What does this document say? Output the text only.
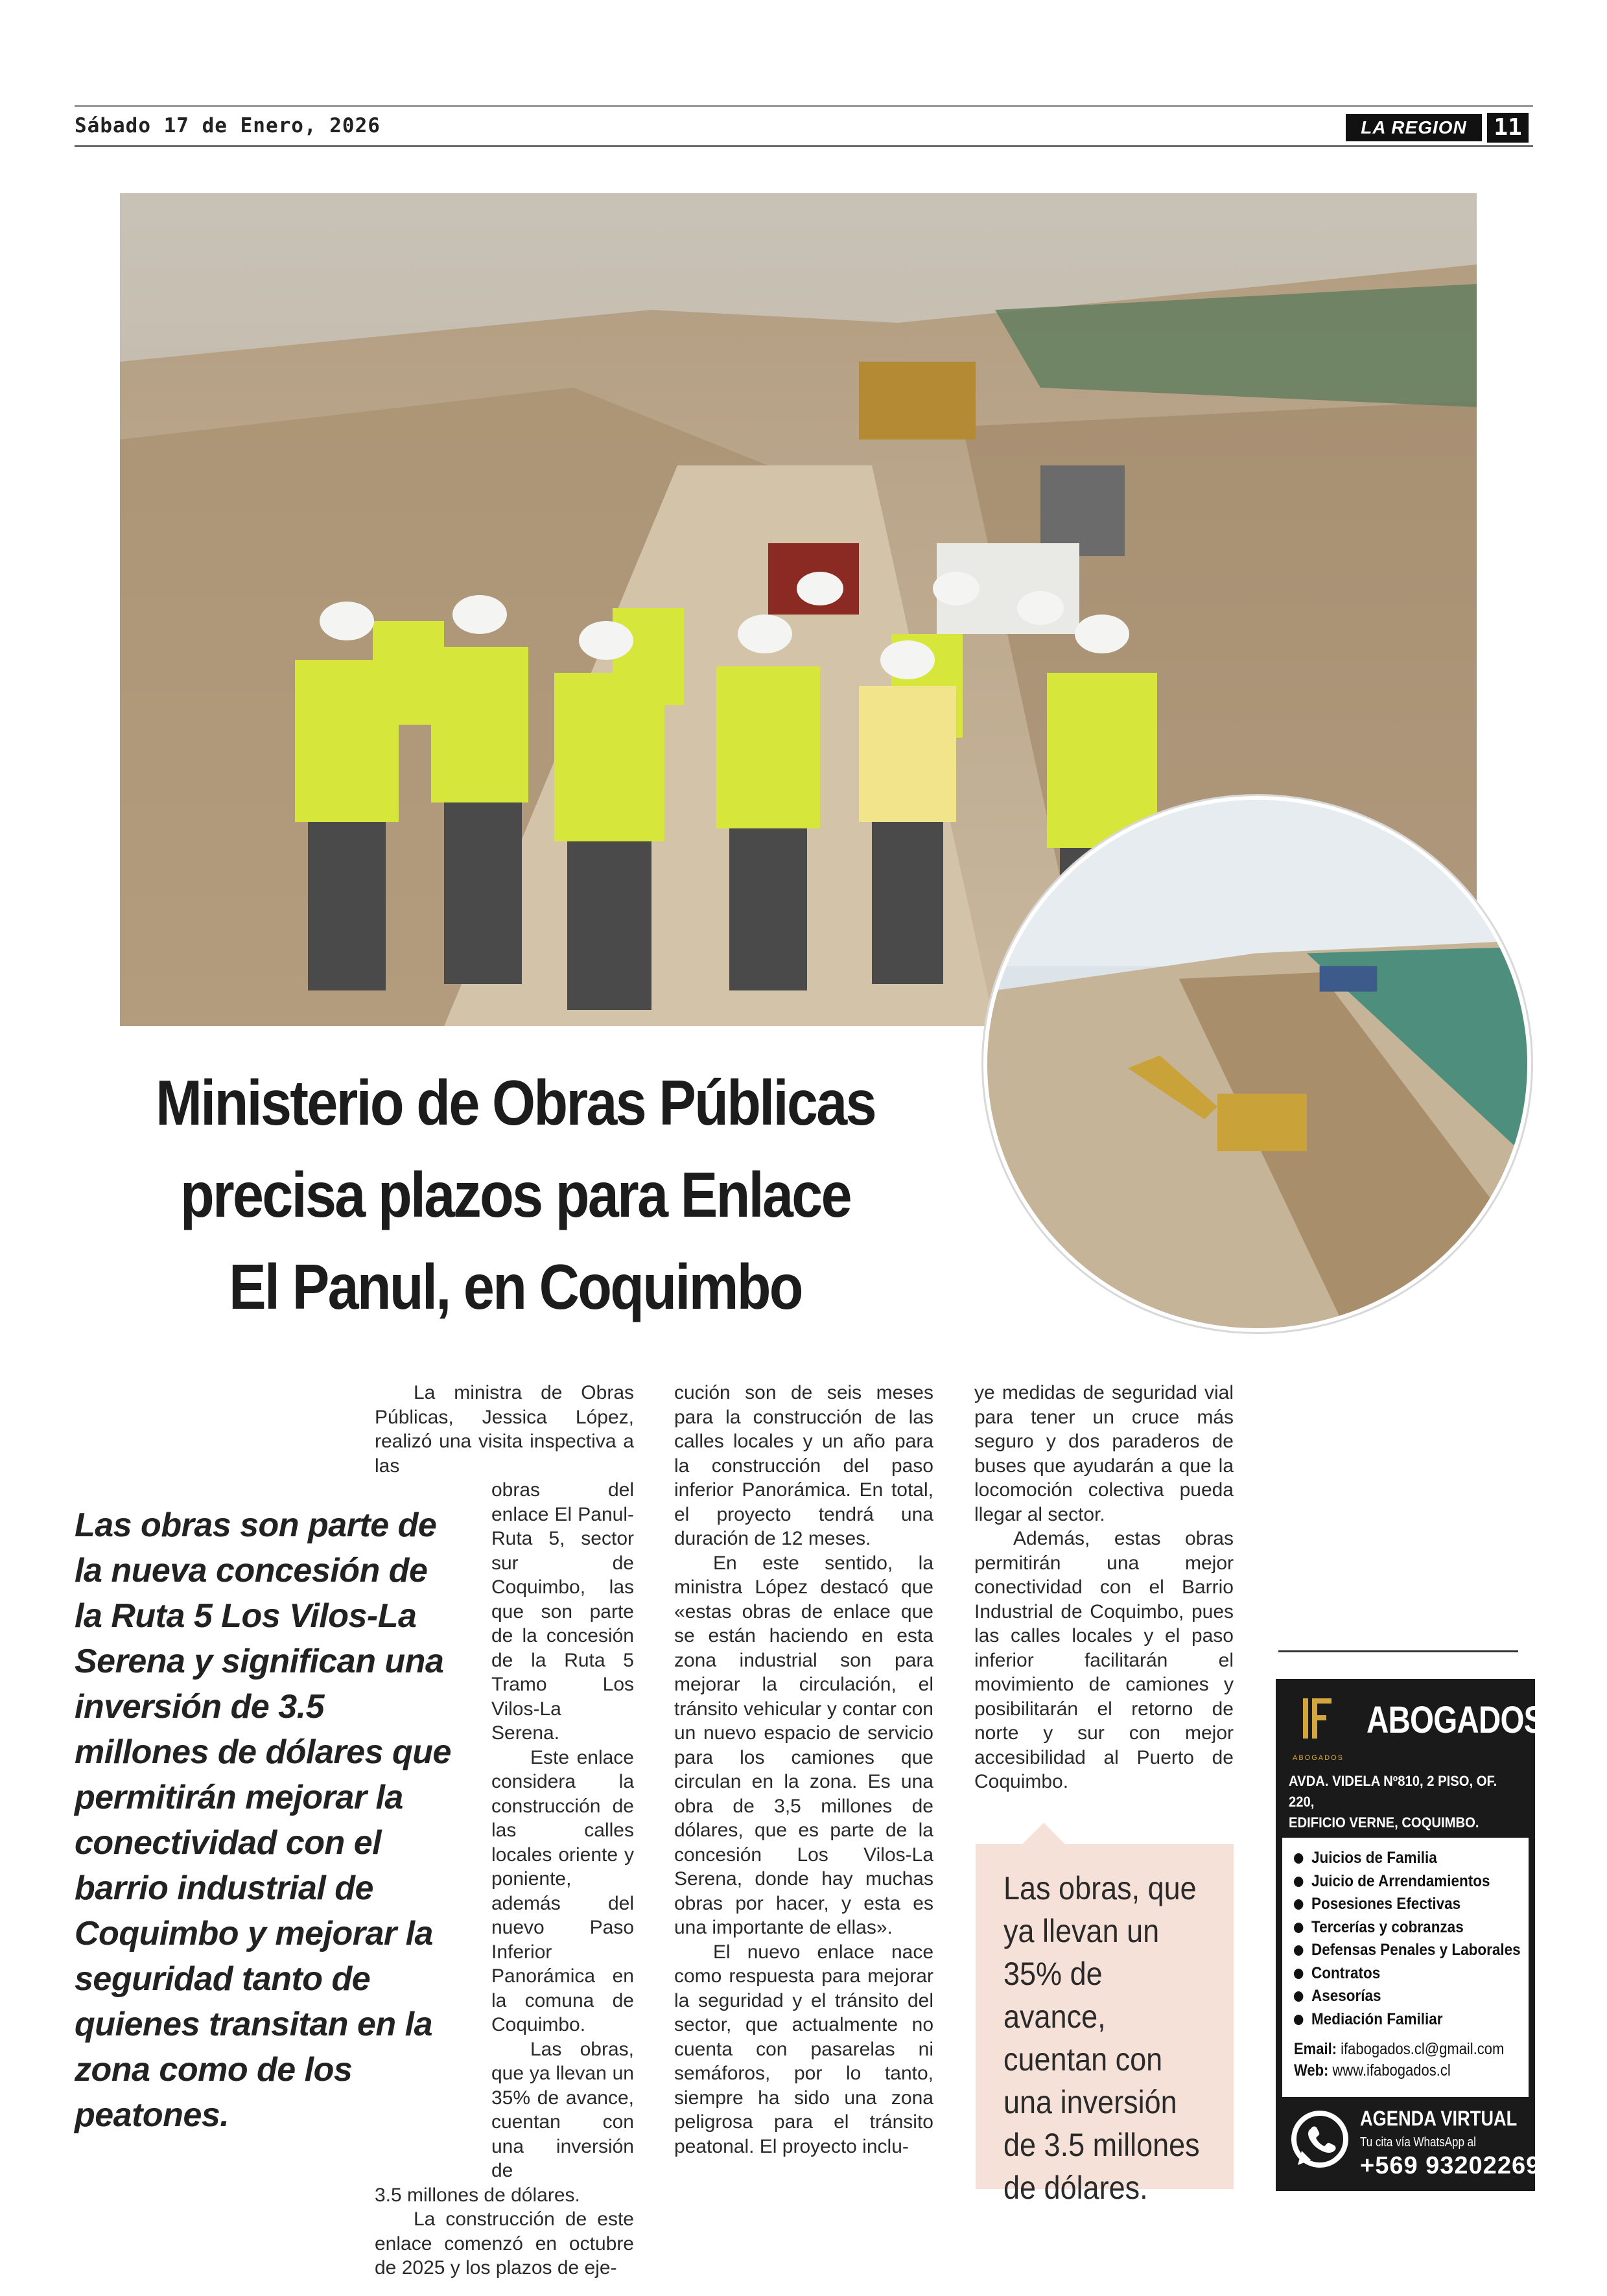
Sábado 17 de Enero, 2026	LA REGION	11
Ministerio de Obras Públicas
precisa plazos para Enlace
El Panul, en Coquimbo
Las obras son parte de la nueva concesión de la Ruta 5 Los Vilos-La Serena y significan una inversión de 3.5 millones de dólares que permitirán mejorar la conectividad con el barrio industrial de Coquimbo y mejorar la seguridad tanto de quienes transitan en la zona como de los peatones.

La ministra de Obras Públicas, Jessica López, realizó una visita inspectiva a las

obras del enlace El Panul-Ruta 5, sector sur de Coquimbo, las que son parte de la concesión de la Ruta 5 Tramo Los Vilos-La Serena.

Este enlace considera la construcción de las calles locales oriente y poniente, además del nuevo Paso Inferior Panorámica en la comuna de Coquimbo.

Las obras, que ya llevan un 35% de avance, cuentan con una inversión de

3.5 millones de dólares.

La construcción de este enlace comenzó en octubre de 2025 y los plazos de eje-

cución son de seis meses para la construcción de las calles locales y un año para la construcción del paso inferior Panorámica. En total, el proyecto tendrá una duración de 12 meses.

En este sentido, la ministra López destacó que «estas obras de enlace que se están haciendo en esta zona industrial son para mejorar la circulación, el tránsito vehicular y contar con un nuevo espacio de servicio para los camiones que circulan en la zona. Es una obra de 3,5 millones de dólares, que es parte de la concesión Los Vilos-La Serena, donde hay muchas obras por hacer, y esta es una importante de ellas».

El nuevo enlace nace como respuesta para mejorar la seguridad y el tránsito del sector, que actualmente no cuenta con pasarelas ni semáforos, por lo tanto, siempre ha sido una zona peligrosa para el tránsito peatonal. El proyecto inclu-

ye medidas de seguridad vial para tener un cruce más seguro y dos paraderos de buses que ayudarán a que la locomoción colectiva pueda llegar al sector.

Además, estas obras permitirán una mejor conectividad con el Barrio Industrial de Coquimbo, pues las calles locales y el paso inferior facilitarán el movimiento de camiones y posibilitarán el retorno de norte y sur con mejor accesibilidad al Puerto de Coquimbo.

Las obras, que ya llevan un 35% de avance, cuentan con una inversión de 3.5 millones de dólares.
ABOGADOS
ABOGADOS
AVDA. VIDELA Nº810, 2 PISO, OF. 220,
EDIFICIO VERNE, COQUIMBO.
Juicios de Familia
Juicio de Arrendamientos
Posesiones Efectivas
Tercerías y cobranzas
Defensas Penales y Laborales
Contratos
Asesorías
Mediación Familiar
Email: ifabogados.cl@gmail.com
Web: www.ifabogados.cl
AGENDA VIRTUAL
Tu cita vía WhatsApp al
+569 93202269
